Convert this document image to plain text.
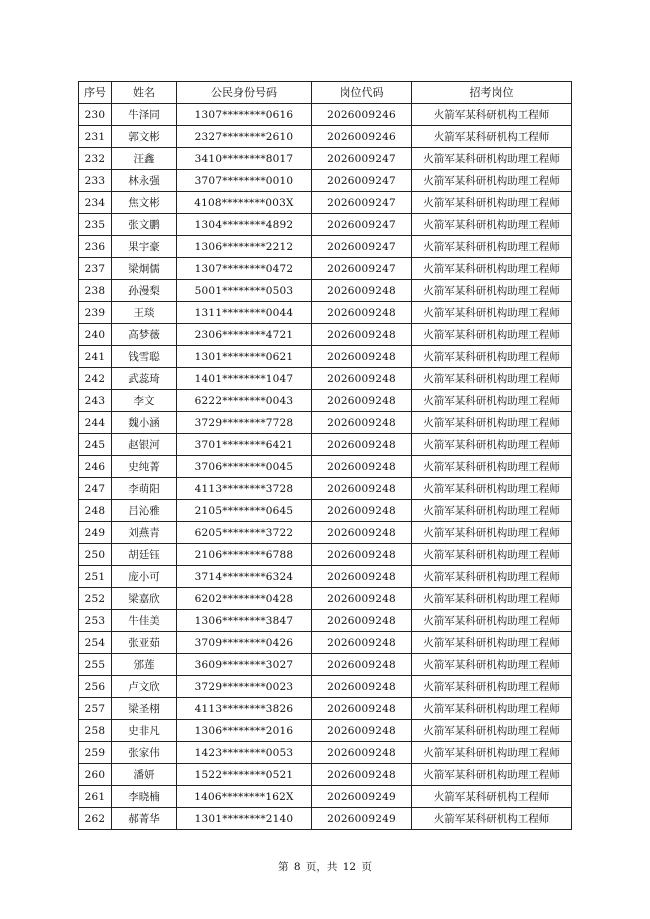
序号	姓名	公民身份号码	岗位代码	招考岗位
230	牛泽同	1307********0616	2026009246	火箭军某科研机构工程师
231	郭文彬	2327********2610	2026009246	火箭军某科研机构工程师
232	汪鑫	3410********8017	2026009247	火箭军某科研机构助理工程师
233	林永强	3707********0010	2026009247	火箭军某科研机构助理工程师
234	焦文彬	4108********003X	2026009247	火箭军某科研机构助理工程师
235	张文鹏	1304********4892	2026009247	火箭军某科研机构助理工程师
236	果宇豪	1306********2212	2026009247	火箭军某科研机构助理工程师
237	梁炯儒	1307********0472	2026009247	火箭军某科研机构助理工程师
238	孙漫梨	5001********0503	2026009248	火箭军某科研机构助理工程师
239	王琰	1311********0044	2026009248	火箭军某科研机构助理工程师
240	高梦薇	2306********4721	2026009248	火箭军某科研机构助理工程师
241	钱雪聪	1301********0621	2026009248	火箭军某科研机构助理工程师
242	武蕊琦	1401********1047	2026009248	火箭军某科研机构助理工程师
243	李文	6222********0043	2026009248	火箭军某科研机构助理工程师
244	魏小涵	3729********7728	2026009248	火箭军某科研机构助理工程师
245	赵银河	3701********6421	2026009248	火箭军某科研机构助理工程师
246	史纯菁	3706********0045	2026009248	火箭军某科研机构助理工程师
247	李萌阳	4113********3728	2026009248	火箭军某科研机构助理工程师
248	吕沁雅	2105********0645	2026009248	火箭军某科研机构助理工程师
249	刘燕青	6205********3722	2026009248	火箭军某科研机构助理工程师
250	胡廷钰	2106********6788	2026009248	火箭军某科研机构助理工程师
251	庞小可	3714********6324	2026009248	火箭军某科研机构助理工程师
252	梁嘉欣	6202********0428	2026009248	火箭军某科研机构助理工程师
253	牛佳美	1306********3847	2026009248	火箭军某科研机构助理工程师
254	张亚茹	3709********0426	2026009248	火箭军某科研机构助理工程师
255	邠莲	3609********3027	2026009248	火箭军某科研机构助理工程师
256	卢文欣	3729********0023	2026009248	火箭军某科研机构助理工程师
257	梁圣栩	4113********3826	2026009248	火箭军某科研机构助理工程师
258	史非凡	1306********2016	2026009248	火箭军某科研机构助理工程师
259	张家伟	1423********0053	2026009248	火箭军某科研机构助理工程师
260	潘妍	1522********0521	2026009248	火箭军某科研机构助理工程师
261	李晓楠	1406********162X	2026009249	火箭军某科研机构工程师
262	郝菁华	1301********2140	2026009249	火箭军某科研机构工程师
第 8 页，共 12 页
